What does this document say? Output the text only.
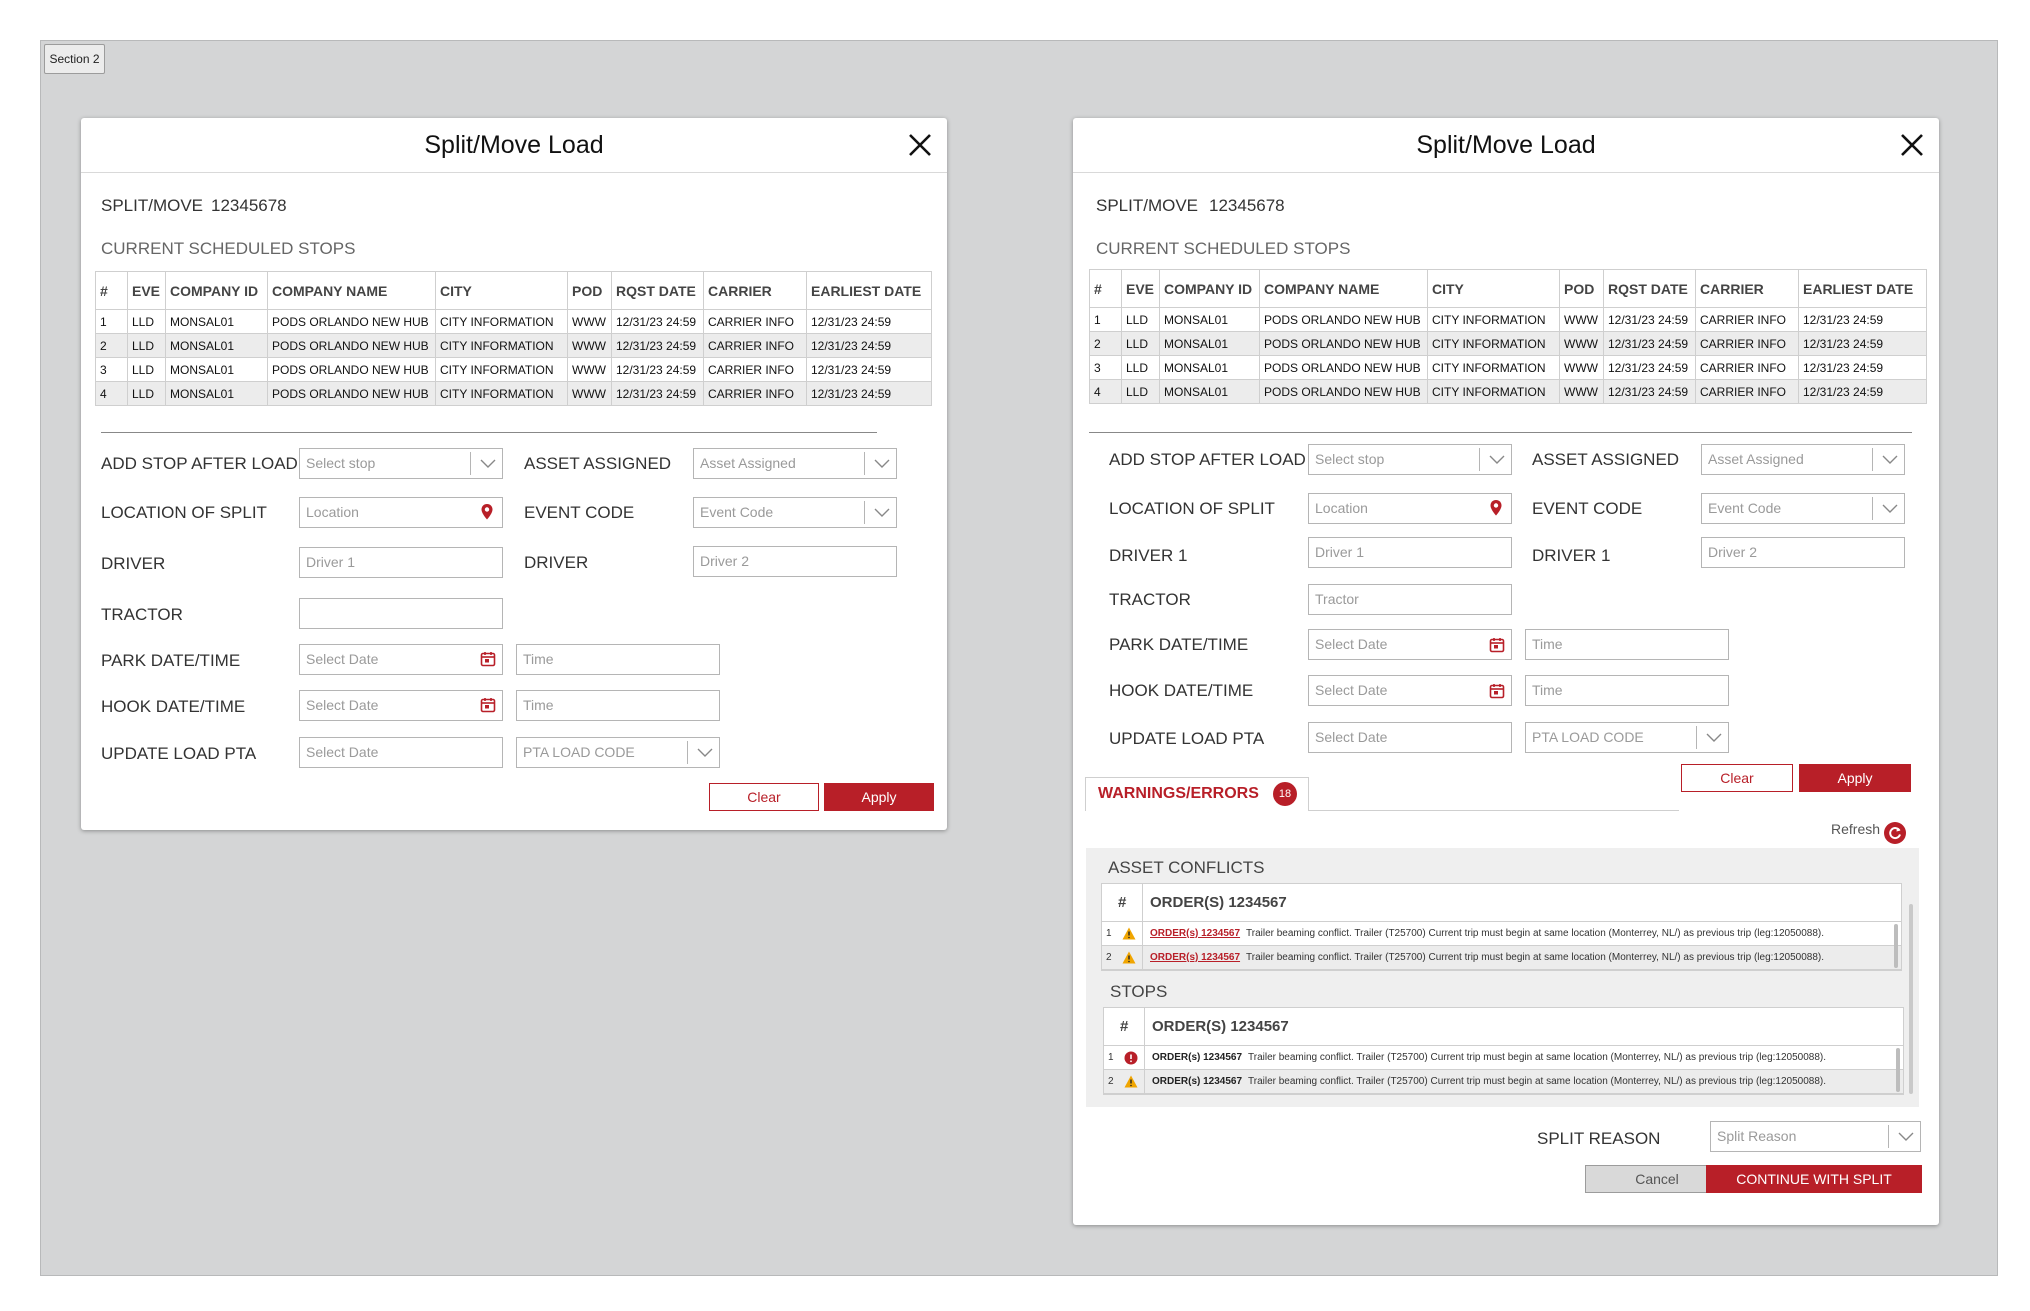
Section 2
Split/Move Load
SPLIT/MOVE 12345678
CURRENT SCHEDULED STOPS
#	EVE	COMPANY ID	COMPANY NAME	CITY	POD	RQST DATE	CARRIER	EARLIEST DATE
1	LLD	MONSAL01	PODS ORLANDO NEW HUB	CITY INFORMATION	WWW	12/31/23 24:59	CARRIER INFO	12/31/23 24:59
2	LLD	MONSAL01	PODS ORLANDO NEW HUB	CITY INFORMATION	WWW	12/31/23 24:59	CARRIER INFO	12/31/23 24:59
3	LLD	MONSAL01	PODS ORLANDO NEW HUB	CITY INFORMATION	WWW	12/31/23 24:59	CARRIER INFO	12/31/23 24:59
4	LLD	MONSAL01	PODS ORLANDO NEW HUB	CITY INFORMATION	WWW	12/31/23 24:59	CARRIER INFO	12/31/23 24:59
ADD STOP AFTER LOAD Select stop	ASSET ASSIGNED	Asset Assigned
LOCATION OF SPLIT	Location	EVENT CODE	Event Code
DRIVER	Driver 1	DRIVER	Driver 2
TRACTOR
PARK DATE/TIME	Select Date	Time
HOOK DATE/TIME	Select Date	Time
UPDATE LOAD PTA	Select Date	PTA LOAD CODE
Clear	Apply
Split/Move Load
SPLIT/MOVE 12345678
CURRENT SCHEDULED STOPS
#	EVE	COMPANY ID	COMPANY NAME	CITY	POD	RQST DATE	CARRIER	EARLIEST DATE
1	LLD	MONSAL01	PODS ORLANDO NEW HUB	CITY INFORMATION	WWW	12/31/23 24:59	CARRIER INFO	12/31/23 24:59
2	LLD	MONSAL01	PODS ORLANDO NEW HUB	CITY INFORMATION	WWW	12/31/23 24:59	CARRIER INFO	12/31/23 24:59
3	LLD	MONSAL01	PODS ORLANDO NEW HUB	CITY INFORMATION	WWW	12/31/23 24:59	CARRIER INFO	12/31/23 24:59
4	LLD	MONSAL01	PODS ORLANDO NEW HUB	CITY INFORMATION	WWW	12/31/23 24:59	CARRIER INFO	12/31/23 24:59
ADD STOP AFTER LOAD Select stop	ASSET ASSIGNED	Asset Assigned
LOCATION OF SPLIT	Location	EVENT CODE	Event Code
DRIVER 1	Driver 1	DRIVER 1	Driver 2
TRACTOR	Tractor
PARK DATE/TIME	Select Date	Time
HOOK DATE/TIME	Select Date	Time
UPDATE LOAD PTA	Select Date	PTA LOAD CODE
Clear	Apply
WARNINGS/ERRORS	18
Refresh
ASSET CONFLICTS
# ORDER(S) 1234567
1	ORDER(s) 1234567 Trailer beaming conflict. Trailer (T25700) Current trip must begin at same location (Monterrey, NL/) as previous trip (leg:12050088).
2	ORDER(s) 1234567 Trailer beaming conflict. Trailer (T25700) Current trip must begin at same location (Monterrey, NL/) as previous trip (leg:12050088).
STOPS
# ORDER(S) 1234567
1	ORDER(s) 1234567 Trailer beaming conflict. Trailer (T25700) Current trip must begin at same location (Monterrey, NL/) as previous trip (leg:12050088).
2	ORDER(s) 1234567 Trailer beaming conflict. Trailer (T25700) Current trip must begin at same location (Monterrey, NL/) as previous trip (leg:12050088).
SPLIT REASON	Split Reason
Cancel	CONTINUE WITH SPLIT
